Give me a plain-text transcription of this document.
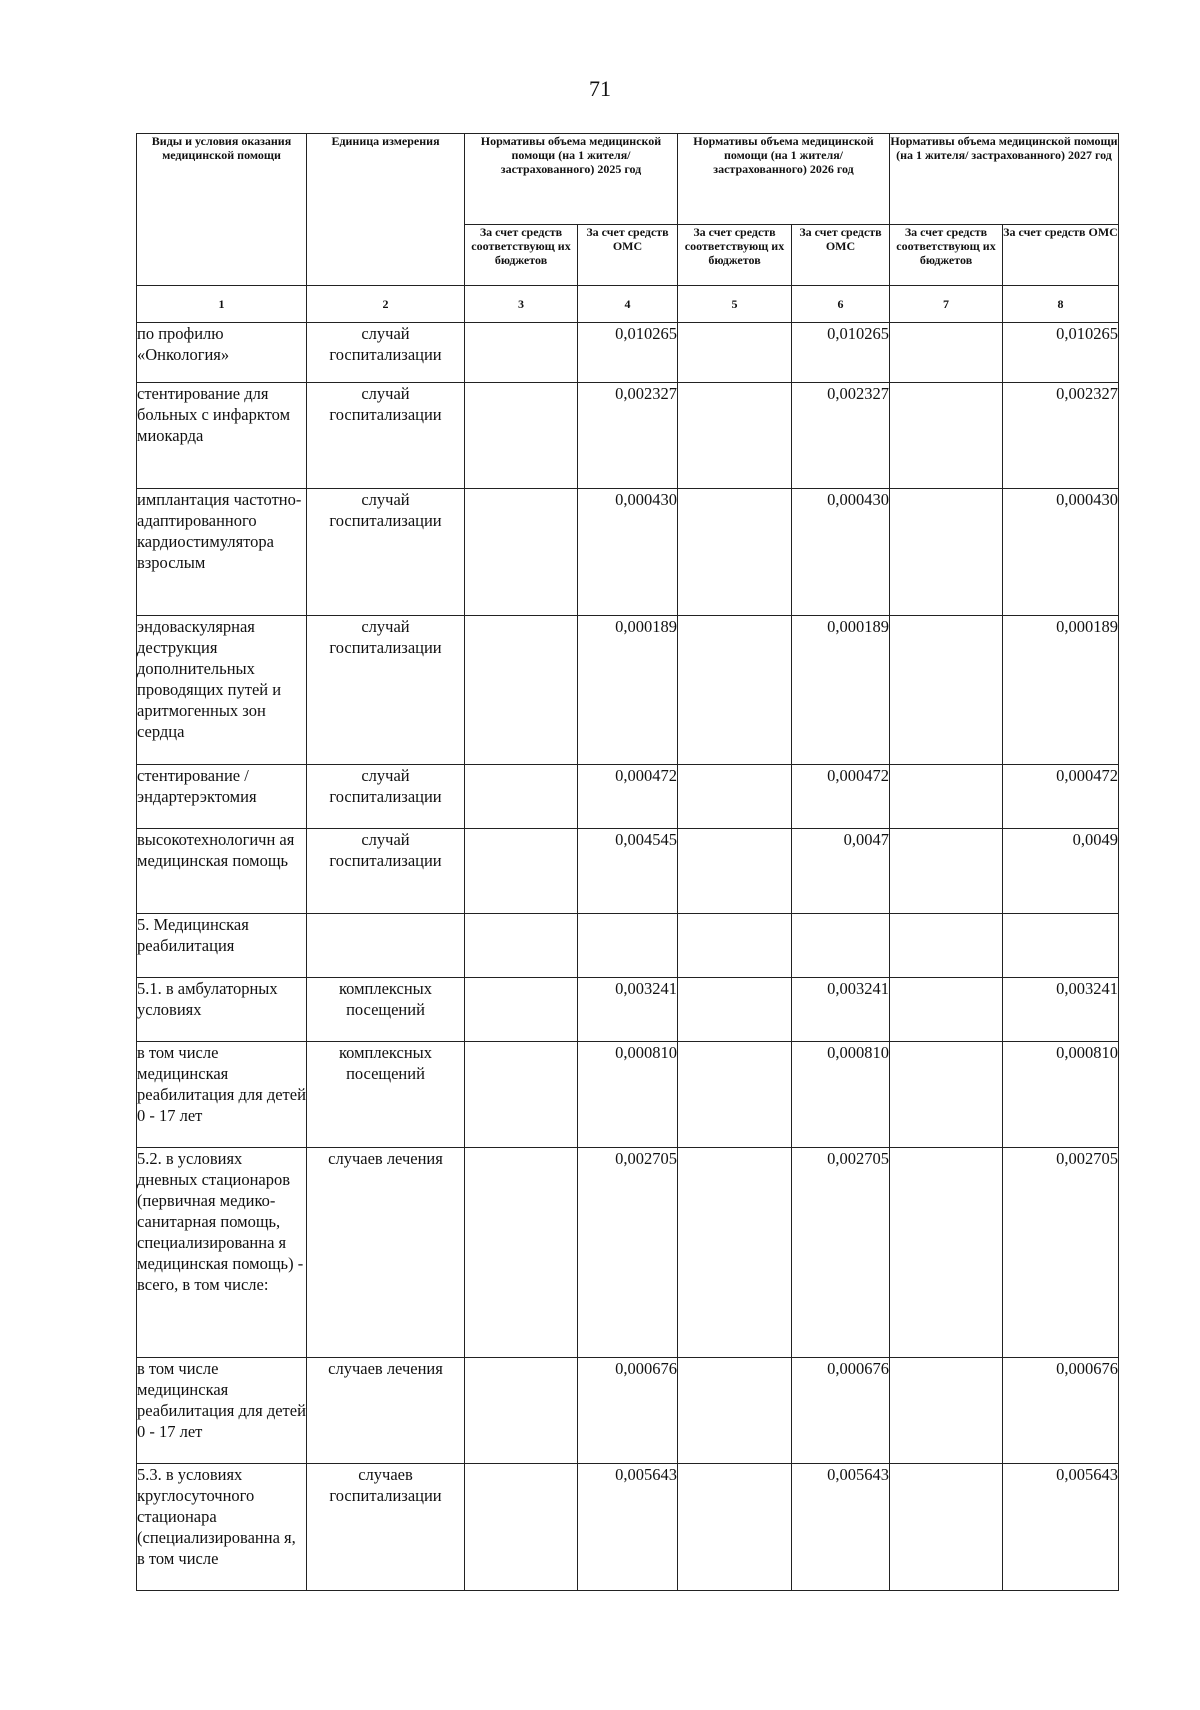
71
Виды и условия оказания медицинской помощи	Единица измерения	Нормативы объема медицинской помощи (на 1 жителя/застрахованного) 2025 год		Нормативы объема медицинской помощи (на 1 жителя/застрахованного) 2026 год		Нормативы объема медицинской помощи (на 1 жителя/ застрахованного) 2027 год	
		За счет средств соответствующ их бюджетов	За счет средств ОМС	За счет средств соответствующ их бюджетов	За счет средств ОМС	За счет средств соответствующ их бюджетов	За счет средств ОМС
1	2	3	4	5	6	7	8
по профилю «Онкология»	случай госпитализации		0,010265		0,010265		0,010265
стентирование для больных с инфарктом миокарда	случай госпитализации		0,002327		0,002327		0,002327
имплантация частотно-адаптированного кардиостимулятора взрослым	случай госпитализации		0,000430		0,000430		0,000430
эндоваскулярная деструкция дополнительных проводящих путей и аритмогенных зон сердца	случай госпитализации		0,000189		0,000189		0,000189
стентирование / эндартерэктомия	случай госпитализации		0,000472		0,000472		0,000472
высокотехнологичн ая медицинская помощь	случай госпитализации		0,004545		0,0047		0,0049
5. Медицинская реабилитация							
5.1. в амбулаторных условиях	комплексных посещений		0,003241		0,003241		0,003241
в том числе медицинская реабилитация для детей 0 - 17 лет	комплексных посещений		0,000810		0,000810		0,000810
5.2. в условиях дневных стационаров (первичная медико-санитарная помощь, специализированна я медицинская помощь) - всего, в том числе:	случаев лечения		0,002705		0,002705		0,002705
в том числе медицинская реабилитация для детей 0 - 17 лет	случаев лечения		0,000676		0,000676		0,000676
5.3. в условиях круглосуточного стационара (специализированна я, в том числе	случаев госпитализации		0,005643		0,005643		0,005643
